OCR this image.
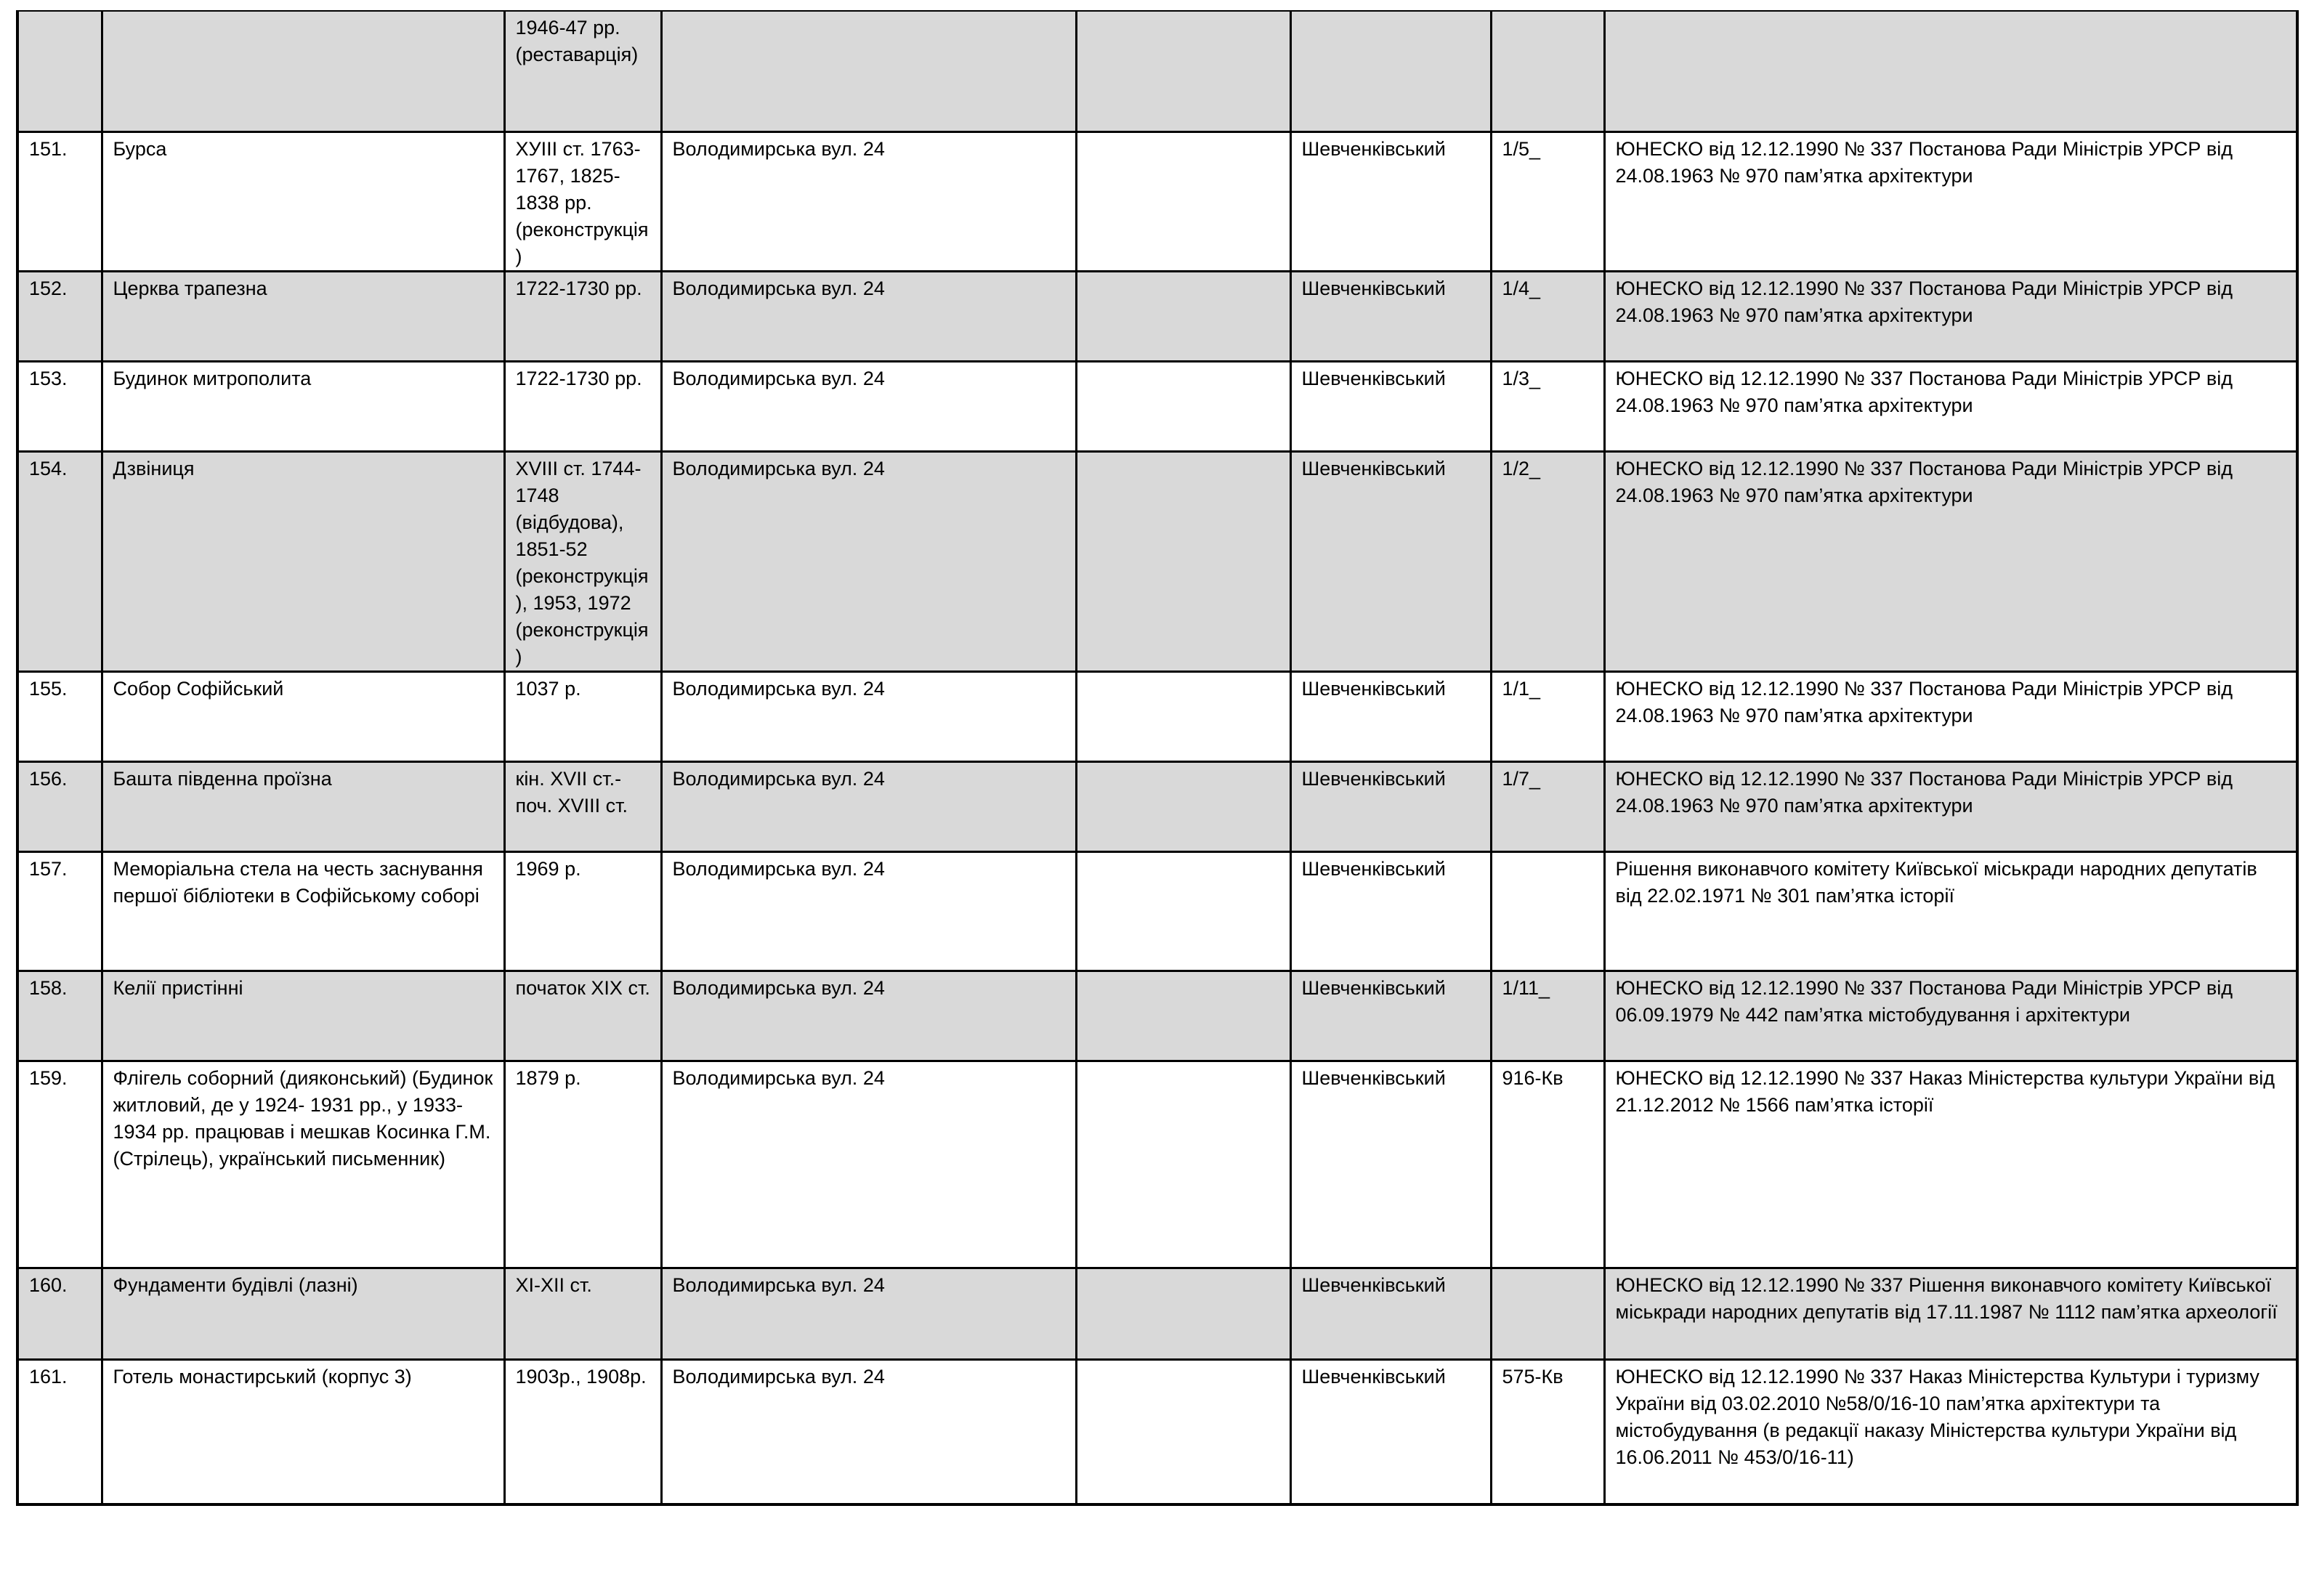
		1946-47 рр. (реставарція)					
151.	Бурса	ХУІІІ ст. 1763-1767, 1825-1838 рр.(реконструкція)	Володимирська вул. 24		Шевченківський	1/5_	ЮНЕСКО від 12.12.1990 № 337 Постанова Ради Міністрів УРСР від 24.08.1963 № 970 пам’ятка архітектури
152.	Церква трапезна	1722-1730 рр.	Володимирська вул. 24		Шевченківський	1/4_	ЮНЕСКО від 12.12.1990 № 337 Постанова Ради Міністрів УРСР від 24.08.1963 № 970 пам’ятка архітектури
153.	Будинок митрополита	1722-1730 рр.	Володимирська вул. 24		Шевченківський	1/3_	ЮНЕСКО від 12.12.1990 № 337 Постанова Ради Міністрів УРСР від 24.08.1963 № 970 пам’ятка архітектури
154.	Дзвіниця	XVIII ст. 1744-1748 (відбудова), 1851-52 (реконструкція), 1953, 1972 (реконструкція)	Володимирська вул. 24		Шевченківський	1/2_	ЮНЕСКО від 12.12.1990 № 337 Постанова Ради Міністрів УРСР від 24.08.1963 № 970 пам’ятка архітектури
155.	Собор Софійський	1037 р.	Володимирська вул. 24		Шевченківський	1/1_	ЮНЕСКО від 12.12.1990 № 337 Постанова Ради Міністрів УРСР від 24.08.1963 № 970 пам’ятка архітектури
156.	Башта південна проїзна	кін. XVII ст.-поч. XVIII ст.	Володимирська вул. 24		Шевченківський	1/7_	ЮНЕСКО від 12.12.1990 № 337 Постанова Ради Міністрів УРСР від 24.08.1963 № 970 пам’ятка архітектури
157.	Меморіальна стела на честь заснування першої бібліотеки в Софійському соборі	1969 р.	Володимирська вул. 24		Шевченківський		Рішення виконавчого комітету Київської міськради народних депутатів від 22.02.1971 № 301 пам’ятка історії
158.	Келії пристінні	початок XIX ст.	Володимирська вул. 24		Шевченківський	1/11_	ЮНЕСКО від 12.12.1990 № 337 Постанова Ради Міністрів УРСР від 06.09.1979 № 442 пам’ятка містобудування і архітектури
159.	Флігель соборний (дияконський) (Будинок житловий, де у 1924- 1931 рр., у 1933-1934 рр. працював і мешкав Косинка Г.М. (Стрілець), український письменник)	1879 р.	Володимирська вул. 24		Шевченківський	916-Кв	ЮНЕСКО від 12.12.1990 № 337 Наказ Міністерства культури України від 21.12.2012 № 1566 пам’ятка історії
160.	Фундаменти будівлі (лазні)	XI-XII ст.	Володимирська вул. 24		Шевченківський		ЮНЕСКО від 12.12.1990 № 337 Рішення виконавчого комітету Київської міськради народних депутатів від 17.11.1987 № 1112 пам’ятка археології
161.	Готель монастирський (корпус 3)	1903р., 1908р.	Володимирська вул. 24		Шевченківський	575-Кв	ЮНЕСКО від 12.12.1990 № 337 Наказ Міністерства Культури і туризму України від 03.02.2010 №58/0/16-10 пам’ятка архітектури та містобудування (в редакції наказу Міністерства культури України від 16.06.2011 № 453/0/16-11)
